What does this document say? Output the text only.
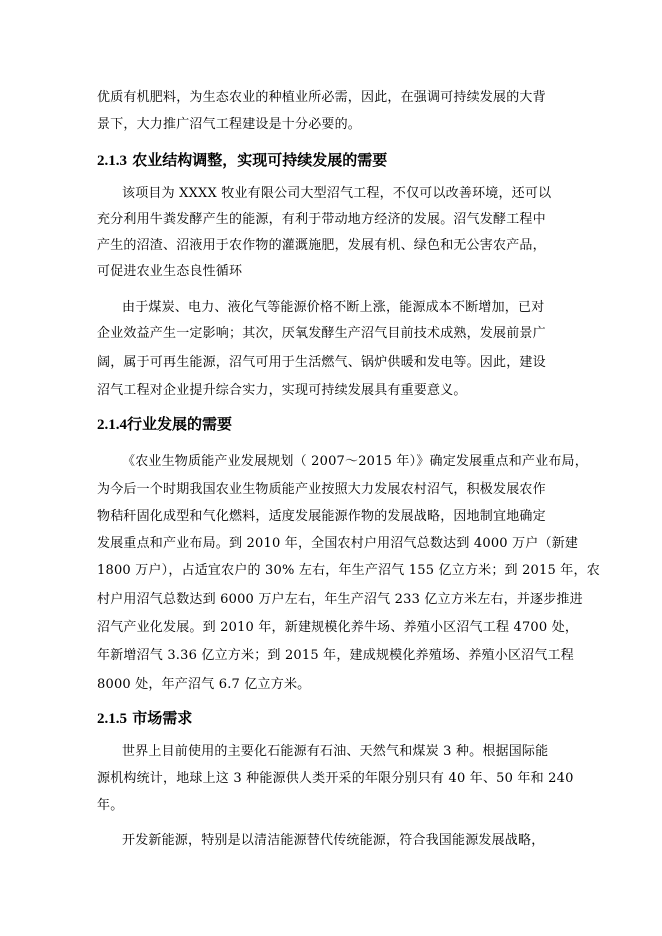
优质有机肥料，为生态农业的种植业所必需，因此，在强调可持续发展的大背
景下，大力推广沼气工程建设是十分必要的。
2.1.3 农业结构调整，实现可持续发展的需要
该项目为 XXXX 牧业有限公司大型沼气工程，不仅可以改善环境，还可以
充分利用牛粪发酵产生的能源，有利于带动地方经济的发展。沼气发酵工程中
产生的沼渣、沼液用于农作物的灌溉施肥，发展有机、绿色和无公害农产品，
可促进农业生态良性循环
由于煤炭、电力、液化气等能源价格不断上涨，能源成本不断增加，已对
企业效益产生一定影响；其次，厌氧发酵生产沼气目前技术成熟，发展前景广
阔，属于可再生能源，沼气可用于生活燃气、锅炉供暖和发电等。因此，建设
沼气工程对企业提升综合实力，实现可持续发展具有重要意义。
2.1.4行业发展的需要
《农业生物质能产业发展规划（ 2007～2015 年）》确定发展重点和产业布局，
为今后一个时期我国农业生物质能产业按照大力发展农村沼气，积极发展农作
物秸秆固化成型和气化燃料，适度发展能源作物的发展战略，因地制宜地确定
发展重点和产业布局。到 2010 年，全国农村户用沼气总数达到 4000 万户（新建
1800 万户），占适宜农户的 30% 左右，年生产沼气 155 亿立方米；到 2015 年，农
村户用沼气总数达到 6000 万户左右，年生产沼气 233 亿立方米左右，并逐步推进
沼气产业化发展。到 2010 年，新建规模化养牛场、养殖小区沼气工程 4700 处，
年新增沼气 3.36 亿立方米；到 2015 年，建成规模化养殖场、养殖小区沼气工程
8000 处，年产沼气 6.7 亿立方米。
2.1.5 市场需求
世界上目前使用的主要化石能源有石油、天然气和煤炭 3 种。根据国际能
源机构统计，地球上这 3 种能源供人类开采的年限分别只有 40 年、50 年和 240
年。
开发新能源，特别是以清洁能源替代传统能源，符合我国能源发展战略，
